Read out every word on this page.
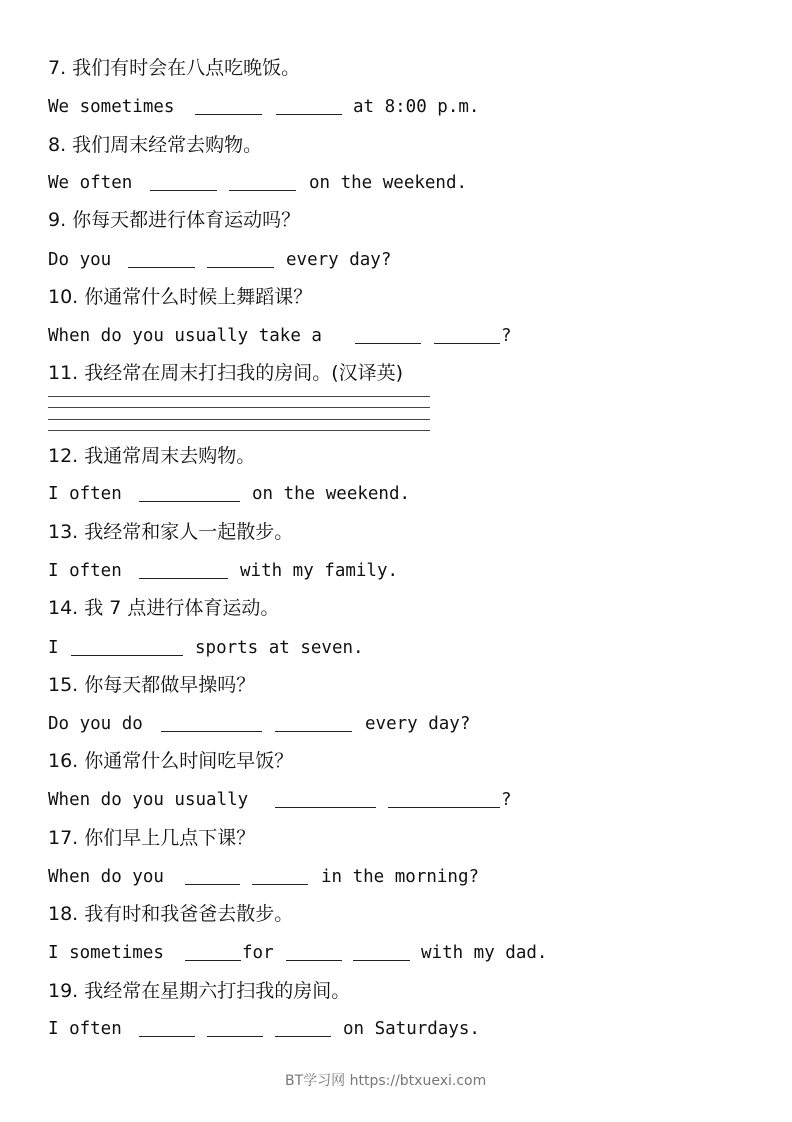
7. 我们有时会在八点吃晚饭。
We sometimes	at 8:00 p.m.
8. 我们周末经常去购物。
We often	on the weekend.
9. 你每天都进行体育运动吗？
Do you	every day?
10. 你通常什么时候上舞蹈课？
When do you usually take a	?
11. 我经常在周末打扫我的房间。(汉译英)
12. 我通常周末去购物。
I often	on the weekend.
13. 我经常和家人一起散步。
I often	with my family.
14. 我 7 点进行体育运动。
I	sports at seven.
15. 你每天都做早操吗？
Do you do	every day?
16. 你通常什么时间吃早饭？
When do you usually	?
17. 你们早上几点下课？
When do you	in the morning?
18. 我有时和我爸爸去散步。
I sometimes	for	with my dad.
19. 我经常在星期六打扫我的房间。
I often	on Saturdays.
BT学习网 https://btxuexi.com
